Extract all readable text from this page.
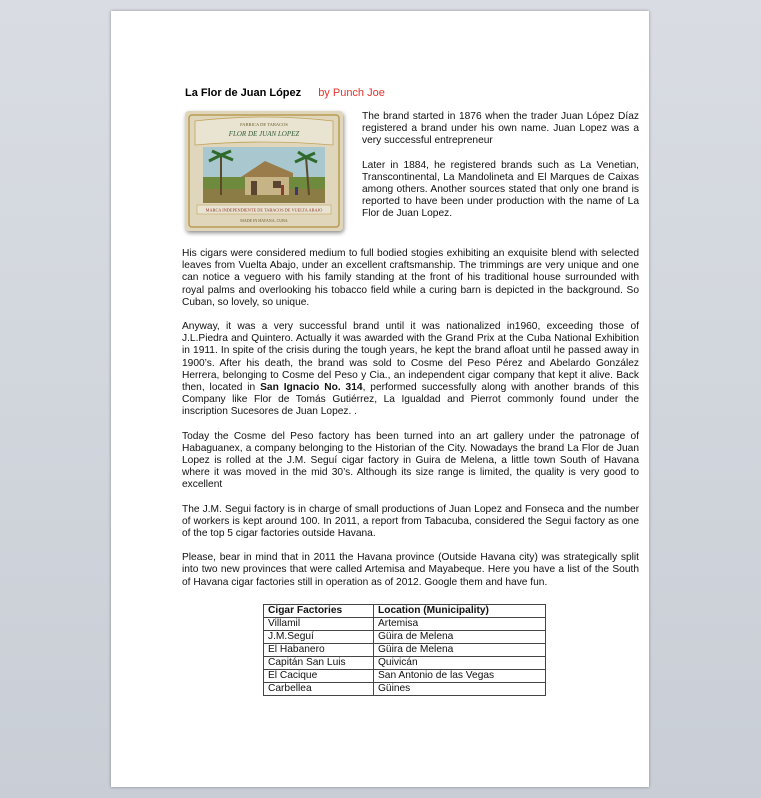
La Flor de Juan López by Punch Joe
FABRICA DE TABACOS
FLOR DE JUAN LOPEZ
MARCA INDEPENDIENTE DE TABACOS DE VUELTA ABAJO
MADE IN HAVANA, CUBA

The brand started in 1876 when the trader Juan López Díaz registered a brand under his own name. Juan Lopez was a very successful entrepreneur

Later in 1884, he registered brands such as La Venetian, Transcontinental, La Mandolineta and El Marques de Caixas among others. Another sources stated that only one brand is reported to have been under production with the name of La Flor de Juan Lopez.

His cigars were considered medium to full bodied stogies exhibiting an exquisite blend with selected leaves from Vuelta Abajo, under an excellent craftsmanship. The trimmings are very unique and one can notice a veguero with his family standing at the front of his traditional house surrounded with royal palms and overlooking his tobacco field while a curing barn is depicted in the background. So Cuban, so lovely, so unique.

Anyway, it was a very successful brand until it was nationalized in1960, exceeding those of J.L.Piedra and Quintero. Actually it was awarded with the Grand Prix at the Cuba National Exhibition in 1911. In spite of the crisis during the tough years, he kept the brand afloat until he passed away in 1900’s. After his death, the brand was sold to Cosme del Peso Pérez and Abelardo González Herrera, belonging to Cosme del Peso y Cia., an independent cigar company that kept it alive. Back then, located in San Ignacio No. 314, performed successfully along with another brands of this Company like Flor de Tomás Gutiérrez, La Igualdad and Pierrot commonly found under the inscription Sucesores de Juan Lopez. .

Today the Cosme del Peso factory has been turned into an art gallery under the patronage of Habaguanex, a company belonging to the Historian of the City. Nowadays the brand La Flor de Juan Lopez is rolled at the J.M. Seguí cigar factory in Guira de Melena, a little town South of Havana where it was moved in the mid 30’s. Although its size range is limited, the quality is very good to excellent

The J.M. Segui factory is in charge of small productions of Juan Lopez and Fonseca and the number of workers is kept around 100. In 2011, a report from Tabacuba, considered the Segui factory as one of the top 5 cigar factories outside Havana.

Please, bear in mind that in 2011 the Havana province (Outside Havana city) was strategically split into two new provinces that were called Artemisa and Mayabeque. Here you have a list of the South of Havana cigar factories still in operation as of 2012. Google them and have fun.

Cigar Factories	Location (Municipality)
Villamil	Artemisa
J.M.Seguí	Güira de Melena
El Habanero	Güira de Melena
Capitán San Luis	Quivicán
El Cacique	San Antonio de las Vegas
Carbellea	Güines
